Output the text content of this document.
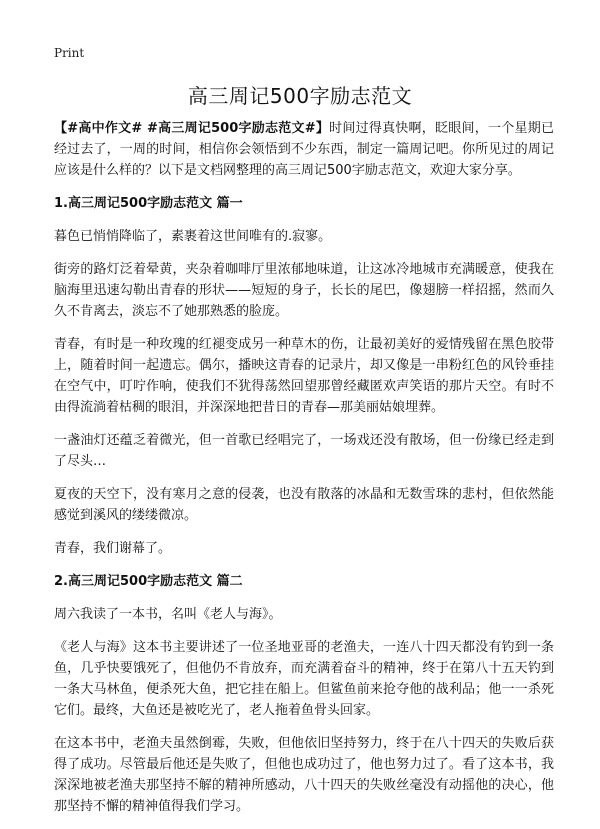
Print
高三周记500字励志范文

【#高中作文# #高三周记500字励志范文#】时间过得真快啊，眨眼间，一个星期已经过去了，一周的时间，相信你会领悟到不少东西，制定一篇周记吧。你所见过的周记应该是什么样的？以下是文档网整理的高三周记500字励志范文，欢迎大家分享。

1.高三周记500字励志范文 篇一

暮色已悄悄降临了，素裹着这世间唯有的.寂寥。

街旁的路灯泛着晕黄，夹杂着咖啡厅里浓郁地味道，让这冰冷地城市充满暖意，使我在脑海里迅速勾勒出青春的形状——短短的身子，长长的尾巴，像翅膀一样招摇，然而久久不肯离去，淡忘不了她那熟悉的脸庞。

青春，有时是一种玫瑰的红褪变成另一种草木的伤，让最初美好的爱情残留在黑色胶带上，随着时间一起遗忘。偶尔，播映这青春的记录片，却又像是一串粉红色的风铃垂挂在空气中，叮咛作响，使我们不犹得荡然回望那曾经藏匿欢声笑语的那片天空。有时不由得流淌着枯稠的眼泪，并深深地把昔日的青春—那美丽姑娘埋葬。

一盏油灯还蕴乏着微光，但一首歌已经唱完了，一场戏还没有散场，但一份缘已经走到了尽头…

夏夜的天空下，没有寒月之意的侵袭，也没有散落的冰晶和无数雪珠的悲村，但依然能感觉到溪风的缕缕微凉。

青春，我们谢幕了。

2.高三周记500字励志范文 篇二

周六我读了一本书，名叫《老人与海》。

《老人与海》这本书主要讲述了一位圣地亚哥的老渔夫，一连八十四天都没有钓到一条鱼，几乎快要饿死了，但他仍不肯放弃，而充满着奋斗的精神，终于在第八十五天钓到一条大马林鱼，便杀死大鱼，把它挂在船上。但鲨鱼前来抢夺他的战利品；他一一杀死它们。最终，大鱼还是被吃光了，老人拖着鱼骨头回家。

在这本书中，老渔夫虽然倒霉，失败，但他依旧坚持努力，终于在八十四天的失败后获得了成功。尽管最后他还是失败了，但他也成功过了，他也努力过了。看了这本书，我深深地被老渔夫那坚持不解的精神所感动，八十四天的失败丝毫没有动摇他的决心，他那坚持不懈的精神值得我们学习。
